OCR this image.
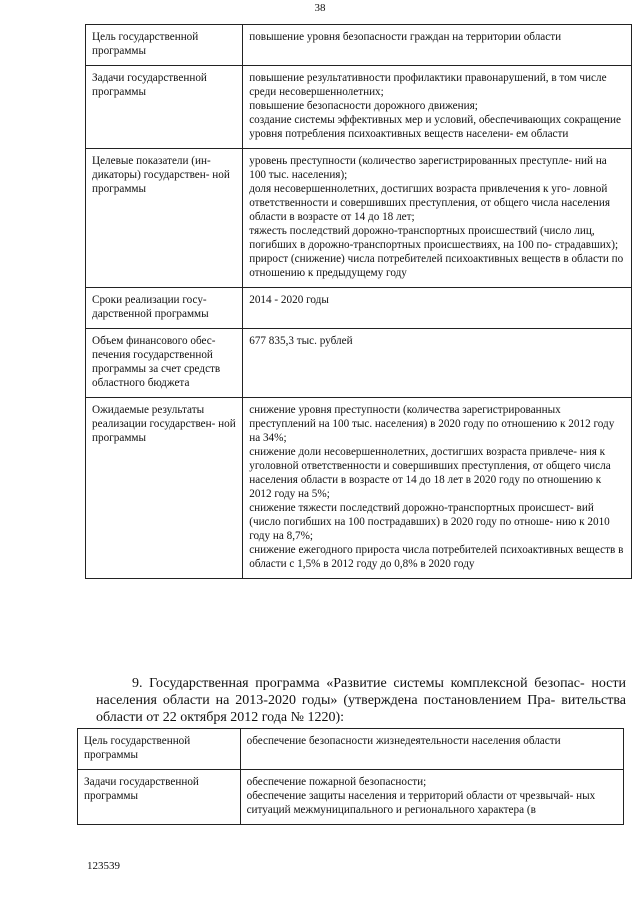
38
Цель государственной программы	повышение уровня безопасности граждан на территории области

Задачи государственной программы	повышение результативности профилактики правонарушений, в том числе среди несовершеннолетних;
повышение безопасности дорожного движения;
создание системы эффективных мер и условий, обеспечивающих сокращение уровня потребления психоактивных веществ населени- ем области

Целевые показатели (ин- дикаторы) государствен- ной программы	уровень преступности (количество зарегистрированных преступле- ний на 100 тыс. населения);
доля несовершеннолетних, достигших возраста привлечения к уго- ловной ответственности и совершивших преступления, от общего числа населения области в возрасте от 14 до 18 лет;
тяжесть последствий дорожно-транспортных происшествий (число лиц, погибших в дорожно-транспортных происшествиях, на 100 по- страдавших);
прирост (снижение) числа потребителей психоактивных веществ в области по отношению к предыдущему году

Сроки реализации госу- дарственной программы	2014 - 2020 годы

Объем финансового обес- печения государственной программы за счет средств областного бюджета	677 835,3 тыс. рублей

Ожидаемые результаты реализации государствен- ной программы	снижение уровня преступности (количества зарегистрированных преступлений на 100 тыс. населения) в 2020 году по отношению к 2012 году на 34%;
снижение доли несовершеннолетних, достигших возраста привлече- ния к уголовной ответственности и совершивших преступления, от общего числа населения области в возрасте от 14 до 18 лет в 2020 году по отношению к 2012 году на 5%;
снижение тяжести последствий дорожно-транспортных происшест- вий (число погибших на 100 пострадавших) в 2020 году по отноше- нию к 2010 году на 8,7%;
снижение ежегодного прироста числа потребителей психоактивных веществ в области с 1,5% в 2012 году до 0,8% в 2020 году
9. Государственная программа «Развитие системы комплексной безопас- ности населения области на 2013-2020 годы» (утверждена постановлением Пра- вительства области от 22 октября 2012 года № 1220):
Цель государственной программы	обеспечение безопасности жизнедеятельности населения области

Задачи государственной программы	обеспечение пожарной безопасности;
обеспечение защиты населения и территорий области от чрезвычай- ных ситуаций межмуниципального и регионального характера (в
123539
